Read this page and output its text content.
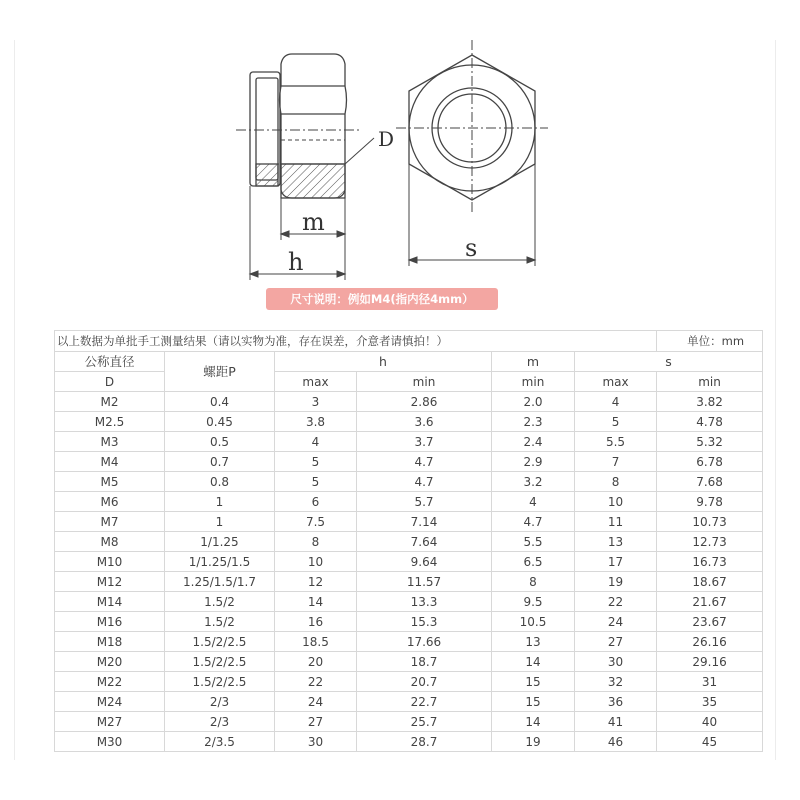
D
m
h	s
尺寸说明：例如M4(指内径4mm）
以上数据为单批手工测量结果（请以实物为准，存在误差，介意者请慎拍！）						单位：mm
公称直径	螺距P	h		m	s	
D		max	min	min	max	min
M2	0.4	3	2.86	2.0	4	3.82
M2.5	0.45	3.8	3.6	2.3	5	4.78
M3	0.5	4	3.7	2.4	5.5	5.32
M4	0.7	5	4.7	2.9	7	6.78
M5	0.8	5	4.7	3.2	8	7.68
M6	1	6	5.7	4	10	9.78
M7	1	7.5	7.14	4.7	11	10.73
M8	1/1.25	8	7.64	5.5	13	12.73
M10	1/1.25/1.5	10	9.64	6.5	17	16.73
M12	1.25/1.5/1.7	12	11.57	8	19	18.67
M14	1.5/2	14	13.3	9.5	22	21.67
M16	1.5/2	16	15.3	10.5	24	23.67
M18	1.5/2/2.5	18.5	17.66	13	27	26.16
M20	1.5/2/2.5	20	18.7	14	30	29.16
M22	1.5/2/2.5	22	20.7	15	32	31
M24	2/3	24	22.7	15	36	35
M27	2/3	27	25.7	14	41	40
M30	2/3.5	30	28.7	19	46	45
